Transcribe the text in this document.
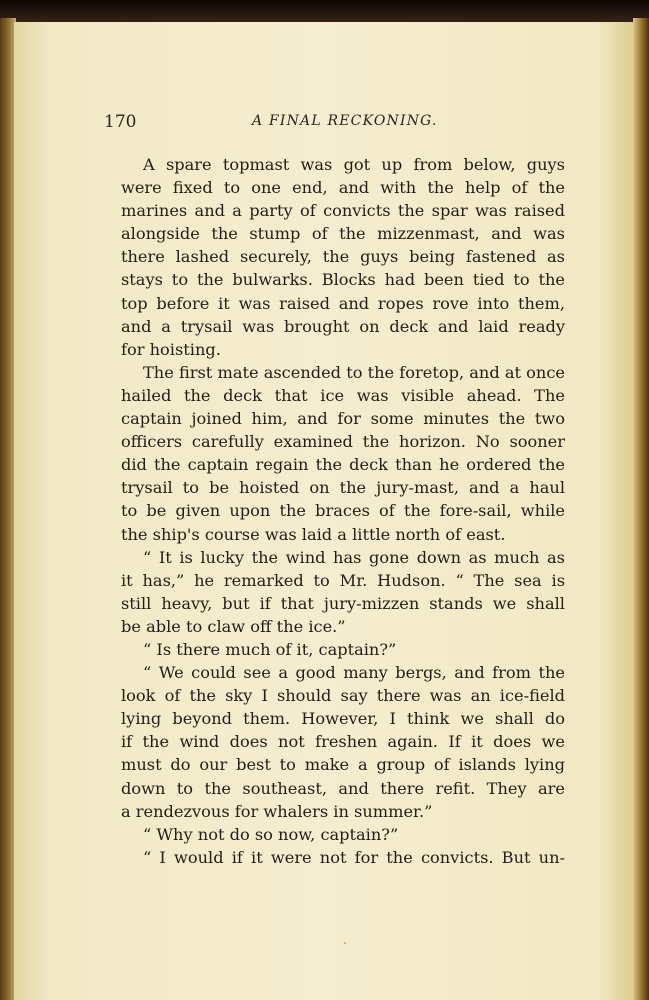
170	A FINAL RECKONING.
A spare topmast was got up from below, guys
were fixed to one end, and with the help of the
marines and a party of convicts the spar was raised
alongside the stump of the mizzenmast, and was
there lashed securely, the guys being fastened as
stays to the bulwarks. Blocks had been tied to the
top before it was raised and ropes rove into them,
and a trysail was brought on deck and laid ready
for hoisting.
The first mate ascended to the foretop, and at once
hailed the deck that ice was visible ahead. The
captain joined him, and for some minutes the two
officers carefully examined the horizon. No sooner
did the captain regain the deck than he ordered the
trysail to be hoisted on the jury-mast, and a haul
to be given upon the braces of the fore-sail, while
the ship's course was laid a little north of east.
“ It is lucky the wind has gone down as much as
it has,” he remarked to Mr. Hudson. “ The sea is
still heavy, but if that jury-mizzen stands we shall
be able to claw off the ice.”
“ Is there much of it, captain?”
“ We could see a good many bergs, and from the
look of the sky I should say there was an ice-field
lying beyond them. However, I think we shall do
if the wind does not freshen again. If it does we
must do our best to make a group of islands lying
down to the southeast, and there refit. They are
a rendezvous for whalers in summer.”
“ Why not do so now, captain?”
“ I would if it were not for the convicts. But un-
